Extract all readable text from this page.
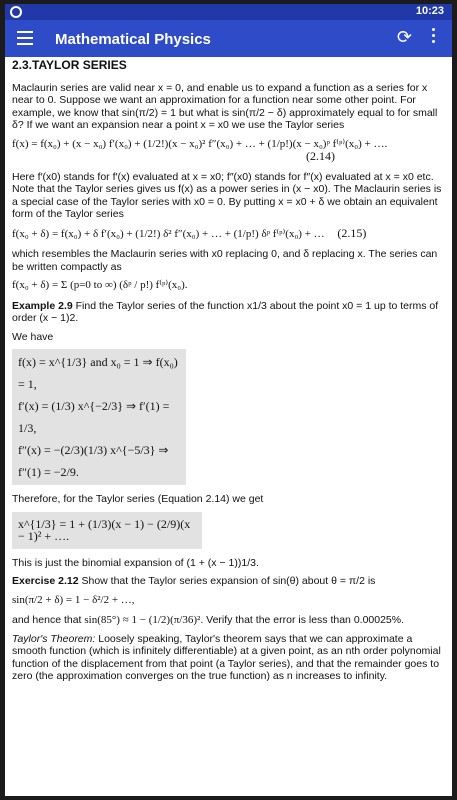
10:23
Mathematical Physics	⟳
2.3.TAYLOR SERIES

Maclaurin series are valid near x = 0, and enable us to expand a function as a series for x near to 0. Suppose we want an approximation for a function near some other point. For example, we know that sin(π/2) = 1 but what is sin(π/2 − δ) approximately equal to for small δ? If we want an expansion near a point x = x0 we use the Taylor series

f(x) = f(x₀) + (x − x₀) f′(x₀) + (1/2!)(x − x₀)² f″(x₀) + … + (1/p!)(x − x₀)ᵖ f⁽ᵖ⁾(x₀) + ….
(2.14)

Here f′(x0) stands for f′(x) evaluated at x = x0; f″(x0) stands for f″(x) evaluated at x = x0 etc. Note that the Taylor series gives us f(x) as a power series in (x − x0). The Maclaurin series is a special case of the Taylor series with x0 = 0. By putting x = x0 + δ we obtain an equivalent form of the Taylor series

f(x₀ + δ) = f(x₀) + δ f′(x₀) + (1/2!) δ² f″(x₀) + … + (1/p!) δᵖ f⁽ᵖ⁾(x₀) + … (2.15)

which resembles the Maclaurin series with x0 replacing 0, and δ replacing x. The series can be written compactly as

f(x₀ + δ) = Σ (p=0 to ∞) (δᵖ / p!) f⁽ᵖ⁾(x₀).

Example 2.9 Find the Taylor series of the function x1/3 about the point x0 = 1 up to terms of order (x − 1)2.

We have

f(x) = x^{1/3} and x₀ = 1 ⇒ f(x₀) = 1,
f′(x) = (1/3) x^{−2/3} ⇒ f′(1) = 1/3,
f″(x) = −(2/3)(1/3) x^{−5/3} ⇒ f″(1) = −2/9.

Therefore, for the Taylor series (Equation 2.14) we get

x^{1/3} = 1 + (1/3)(x − 1) − (2/9)(x − 1)² + ….

This is just the binomial expansion of (1 + (x − 1))1/3.

Exercise 2.12 Show that the Taylor series expansion of sin(θ) about θ = π/2 is

sin(π/2 + δ) = 1 − δ²/2 + …,

and hence that sin(85°) ≈ 1 − (1/2)(π/36)². Verify that the error is less than 0.00025%.

Taylor's Theorem: Loosely speaking, Taylor's theorem says that we can approximate a smooth function (which is infinitely differentiable) at a given point, as an nth order polynomial function of the displacement from that point (a Taylor series), and that the remainder goes to zero (the approximation converges on the true function) as n increases to infinity.
